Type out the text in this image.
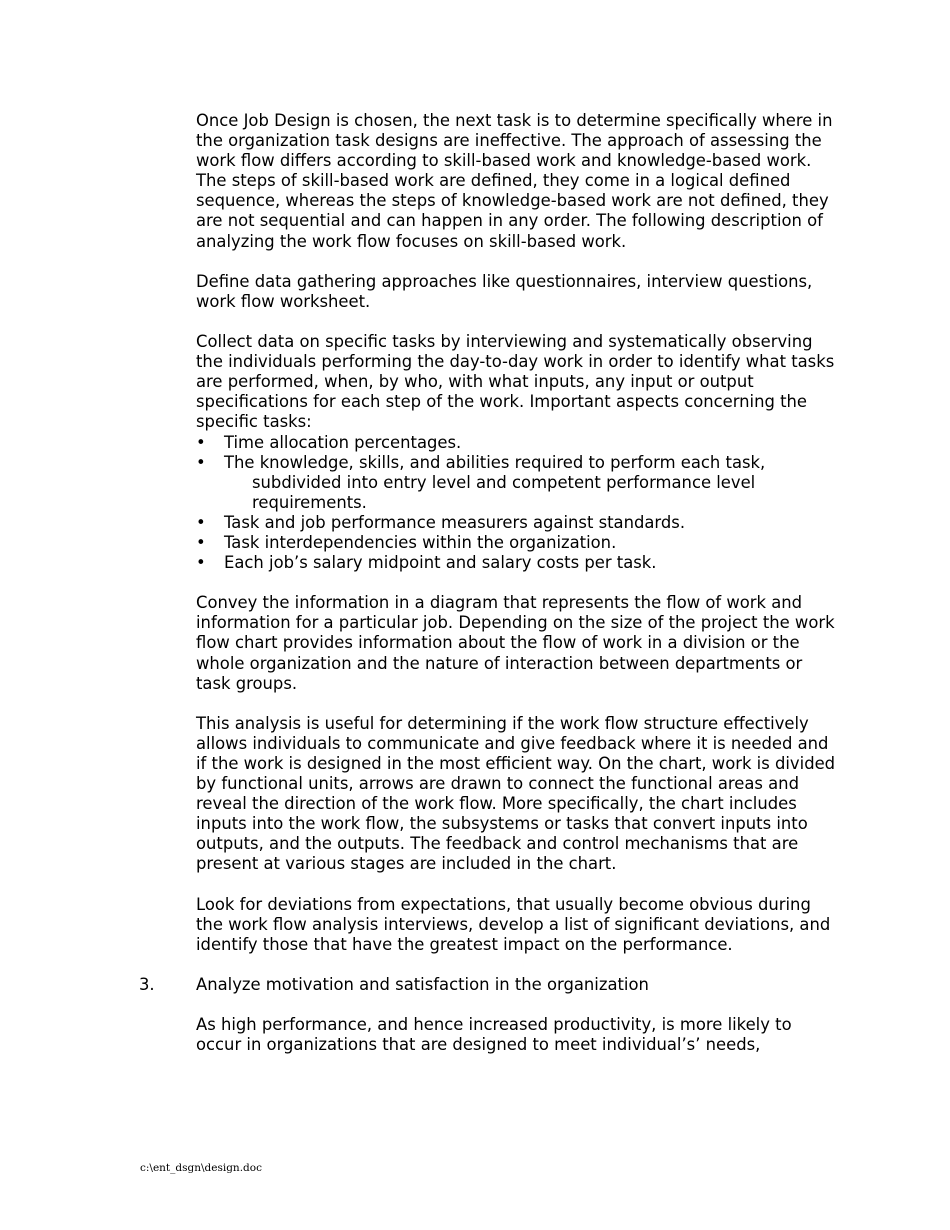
Once Job Design is chosen, the next task is to determine specifically where in the organization task designs are ineffective. The approach of assessing the work flow differs according to skill-based work and knowledge-based work. The steps of skill-based work are defined, they come in a logical defined sequence, whereas the steps of knowledge-based work are not defined, they are not sequential and can happen in any order. The following description of analyzing the work flow focuses on skill-based work.

Define data gathering approaches like questionnaires, interview questions, work flow worksheet.

Collect data on specific tasks by interviewing and systematically observing the individuals performing the day-to-day work in order to identify what tasks are performed, when, by who, with what inputs, any input or output specifications for each step of the work. Important aspects concerning the specific tasks:

• Time allocation percentages.
• The knowledge, skills, and abilities required to perform each task,
subdivided into entry level and competent performance level
requirements.
• Task and job performance measurers against standards.
• Task interdependencies within the organization.
• Each job’s salary midpoint and salary costs per task.

Convey the information in a diagram that represents the flow of work and information for a particular job. Depending on the size of the project the work flow chart provides information about the flow of work in a division or the whole organization and the nature of interaction between departments or task groups.

This analysis is useful for determining if the work flow structure effectively allows individuals to communicate and give feedback where it is needed and if the work is designed in the most efficient way. On the chart, work is divided by functional units, arrows are drawn to connect the functional areas and reveal the direction of the work flow. More specifically, the chart includes inputs into the work flow, the subsystems or tasks that convert inputs into outputs, and the outputs. The feedback and control mechanisms that are present at various stages are included in the chart.

Look for deviations from expectations, that usually become obvious during the work flow analysis interviews, develop a list of significant deviations, and identify those that have the greatest impact on the performance.

3.	Analyze motivation and satisfaction in the organization

As high performance, and hence increased productivity, is more likely to occur in organizations that are designed to meet individual’s’ needs,

c:\ent_dsgn\design.doc
